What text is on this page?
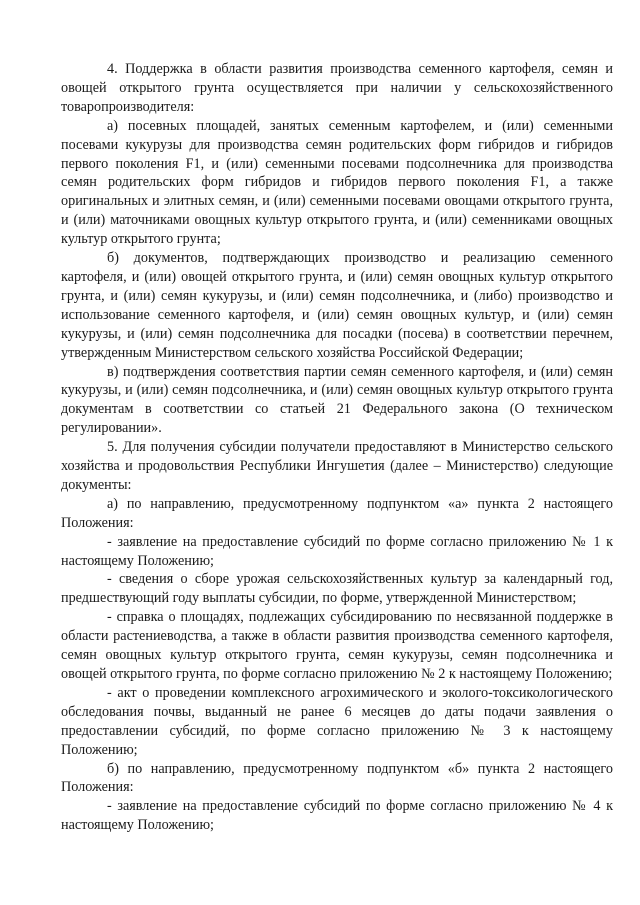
4. Поддержка в области развития производства семенного картофеля, семян и овощей открытого грунта осуществляется при наличии у сельскохозяйственного товаропроизводителя:

а) посевных площадей, занятых семенным картофелем, и (или) семенными посевами кукурузы для производства семян родительских форм гибридов и гибридов первого поколения F1, и (или) семенными посевами подсолнечника для производства семян родительских форм гибридов и гибридов первого поколения F1, а также оригинальных и элитных семян, и (или) семенными посевами овощами открытого грунта, и (или) маточниками овощных культур открытого грунта, и (или) семенниками овощных культур открытого грунта;

б) документов, подтверждающих производство и реализацию семенного картофеля, и (или) овощей открытого грунта, и (или) семян овощных культур открытого грунта, и (или) семян кукурузы, и (или) семян подсолнечника, и (либо) производство и использование семенного картофеля, и (или) семян овощных культур, и (или) семян кукурузы, и (или) семян подсолнечника для посадки (посева) в соответствии перечнем, утвержденным Министерством сельского хозяйства Российской Федерации;

в) подтверждения соответствия партии семян семенного картофеля, и (или) семян кукурузы, и (или) семян подсолнечника, и (или) семян овощных культур открытого грунта документам в соответствии со статьей 21 Федерального закона (О техническом регулировании».

5. Для получения субсидии получатели предоставляют в Министерство сельского хозяйства и продовольствия Республики Ингушетия (далее – Министерство) следующие документы:

а) по направлению, предусмотренному подпунктом «а» пункта 2 настоящего Положения:

- заявление на предоставление субсидий по форме согласно приложению № 1 к настоящему Положению;

- сведения о сборе урожая сельскохозяйственных культур за календарный год, предшествующий году выплаты субсидии, по форме, утвержденной Министерством;

- справка о площадях, подлежащих субсидированию по несвязанной поддержке в области растениеводства, а также в области развития производства семенного картофеля, семян овощных культур открытого грунта, семян кукурузы, семян подсолнечника и овощей открытого грунта, по форме согласно приложению № 2 к настоящему Положению;

- акт о проведении комплексного агрохимического и эколого-токсикологического обследования почвы, выданный не ранее 6 месяцев до даты подачи заявления о предоставлении субсидий, по форме согласно приложению № 3 к настоящему Положению;

б) по направлению, предусмотренному подпунктом «б» пункта 2 настоящего Положения:

- заявление на предоставление субсидий по форме согласно приложению № 4 к настоящему Положению;
